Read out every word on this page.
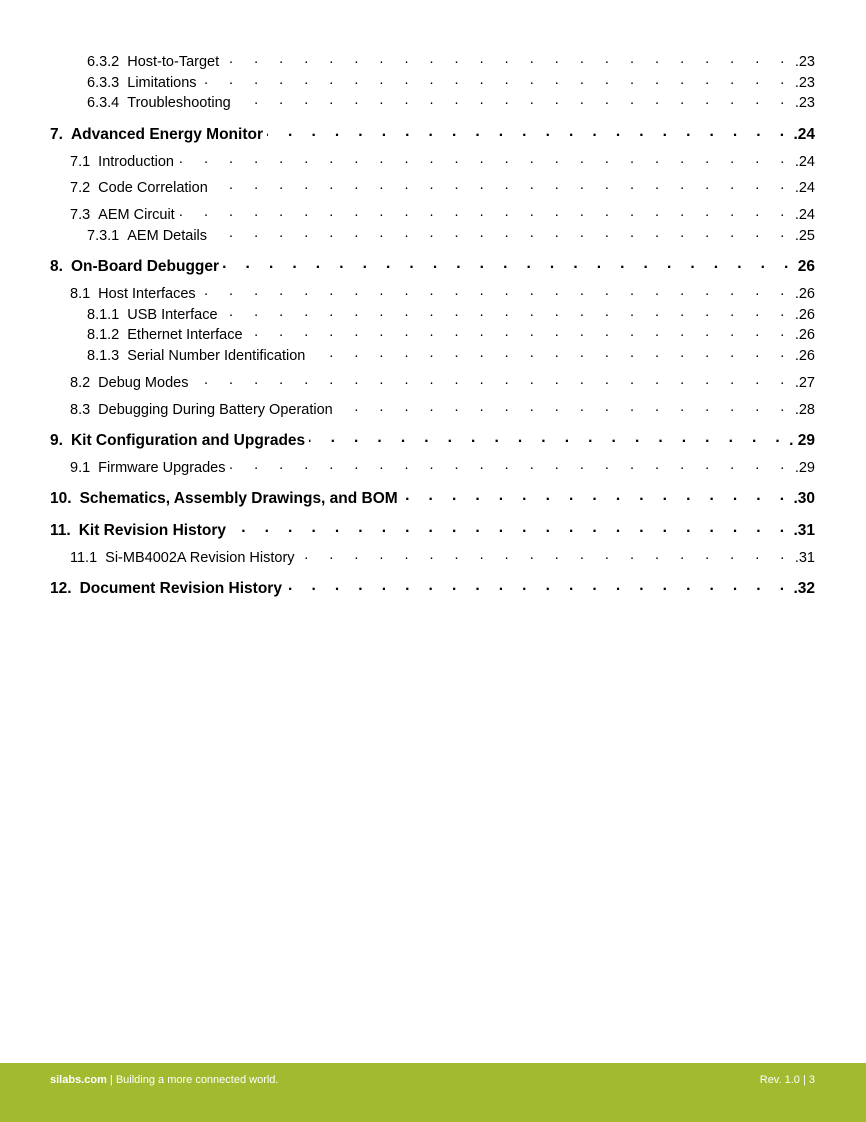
6.3.2 Host-to-Target . . .	.23
6.3.3 Limitations . . .	.23
6.3.4 Troubleshooting . . .	.23
7. Advanced Energy Monitor . . .	.24
7.1 Introduction . . .	.24
7.2 Code Correlation . . .	.24
7.3 AEM Circuit . . .	.24
7.3.1 AEM Details . . .	.25
8. On-Board Debugger . . .	26
8.1 Host Interfaces . . .	.26
8.1.1 USB Interface . . .	.26
8.1.2 Ethernet Interface . . .	.26
8.1.3 Serial Number Identification . . .	.26
8.2 Debug Modes . . .	.27
8.3 Debugging During Battery Operation . . .	.28
9. Kit Configuration and Upgrades . . .	. 29
9.1 Firmware Upgrades . . .	.29
10. Schematics, Assembly Drawings, and BOM . . .	.30
11. Kit Revision History . . .	.31
11.1 Si-MB4002A Revision History . . .	.31
12. Document Revision History . . .	.32
silabs.com | Building a more connected world.	Rev. 1.0 | 3
